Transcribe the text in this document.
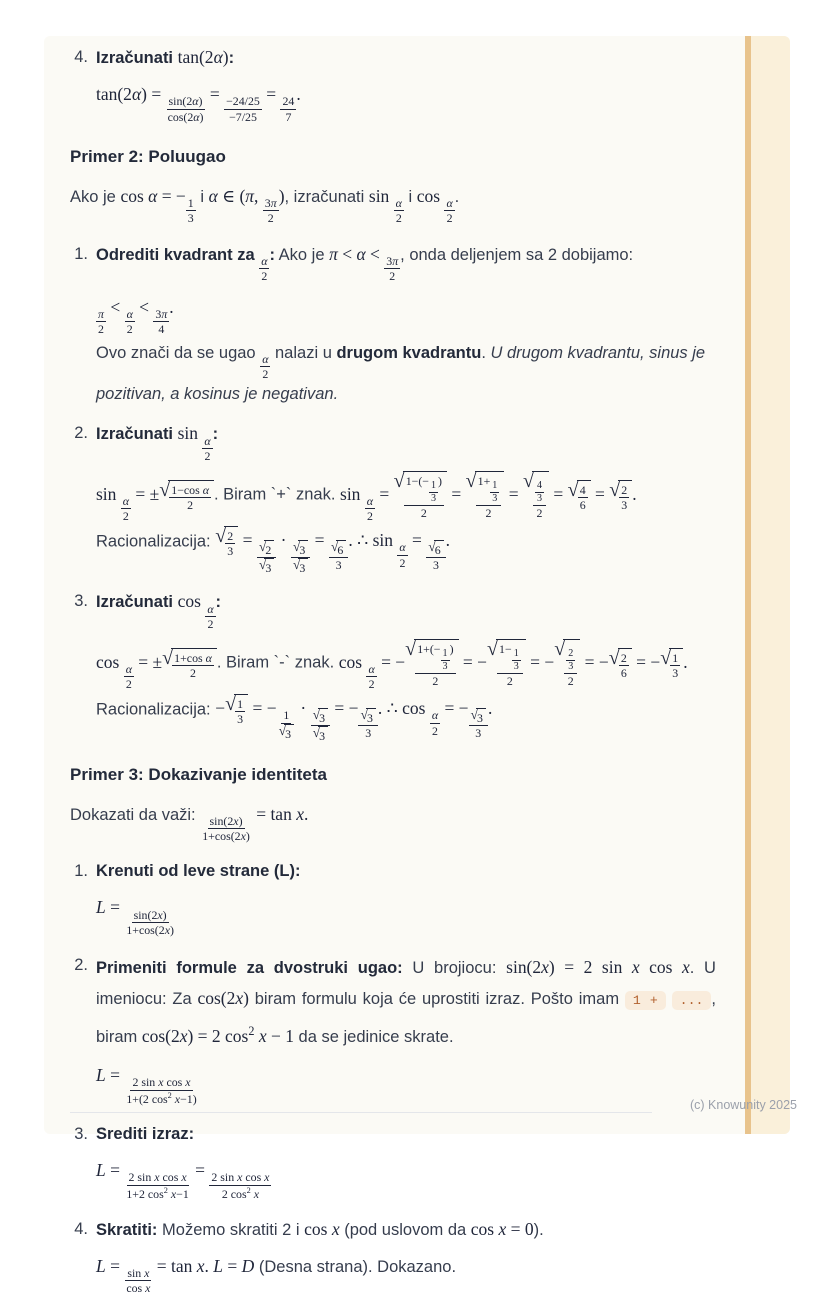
4. Izračunati tan(2α):

tan(2α) =
$\frac{\sin(2\alpha)}{\cos(2\alpha)}$
=
$\frac{-24/25}{-7/25}$
=
$\frac{24}{7}$
.

Primer 2: Poluugao

Ako je cos α = −
$\frac{1}{3}$ i α ∈ (π,
$\frac{3\pi}{2}$
), izračunati sin
$\frac{\alpha}{2}$ i cos
$\frac{\alpha}{2}$ .

1. Odrediti kvadrant za $\frac{\alpha}{2}$ : Ako je π < α <
$\frac{3\pi}{2}$ , onda deljenjem sa 2 dobijamo:

$\frac{\pi}{2}$
<
$\frac{\alpha}{2}$
<
$\frac{3\pi}{4}$
.

Ovo znači da se ugao $\frac{\alpha}{2}$ nalazi u drugom kvadrantu. U drugom kvadrantu, sinus je pozitivan, a kosinus je negativan.

2. Izračunati sin
$\frac{\alpha}{2}$ :

sin
$\frac{\alpha}{2}$
= ± √ 1−cos α
2
. Biram `+` znak. sin
$\frac{\alpha}{2}$
=
√ $1-(- \frac{1}{3}$ )
2
=
√ $1+ \frac{1}{3}$
2
= √ $\frac{4}{3}$
2
= √ 4
6
= √ 2
3
.

Racionalizacija: √ 2
3
= √ 2
√ 3 · √ 3
√ 3 = √ $\frac{6}{3}$ . ∴ sin
$\frac{\alpha}{2}$
= √ $\frac{6}{3}$ .

3. Izračunati cos
$\frac{\alpha}{2}$ :

cos
$\frac{\alpha}{2}$
= ± √ 1+cos α
2
. Biram `-` znak. cos
$\frac{\alpha}{2}$
= −
√ $1+(- \frac{1}{3}$ )
2
= −
√ $1- \frac{1}{3}$
2
= − √ $\frac{2}{3}$
2
= − √ 2
6
= − √ 1
3
.

Racionalizacija: − √ 1
3
= −
1
√ 3
· √ 3
√ 3 = − √ $\frac{3}{3}$ . ∴ cos
$\frac{\alpha}{2}$
= − √ $\frac{3}{3}$ .

Primer 3: Dokazivanje identiteta

Dokazati da važi: $\frac{\sin(2x)}{1+\cos(2x)}$
= tan x.

1. Krenuti od leve strane (L):

L =
$\frac{\sin(2x)}{1+\cos(2x)}$

2. Primeniti formule za dvostruki ugao: U brojiocu: sin(2x) = 2 sin x cos x. U imeniocu: Za cos(2x) biram formulu koja će uprostiti izraz. Pošto imam 1 + ... , biram cos(2x) = 2 $\cos^2 x - 1$ da se jedinice skrate.

L =
$\frac{\text{2 sin x cos x}}{1+(2 \cos^2 x-1)}$

3. Srediti izraz:

L =
$\frac{\text{2 sin x cos x}}{1+2 \cos^2 x-1}$
=
$\frac{\text{2 sin x cos x}}{2 \cos^2 x}$

4. Skratiti: Možemo skratiti 2 i cos x (pod uslovom da cos x = 0).

L =
$\frac{\text{sin x}}{\text{cos x}}$
= tan x. L = D (Desna strana). Dokazano.

(c) Knowunity 2025
